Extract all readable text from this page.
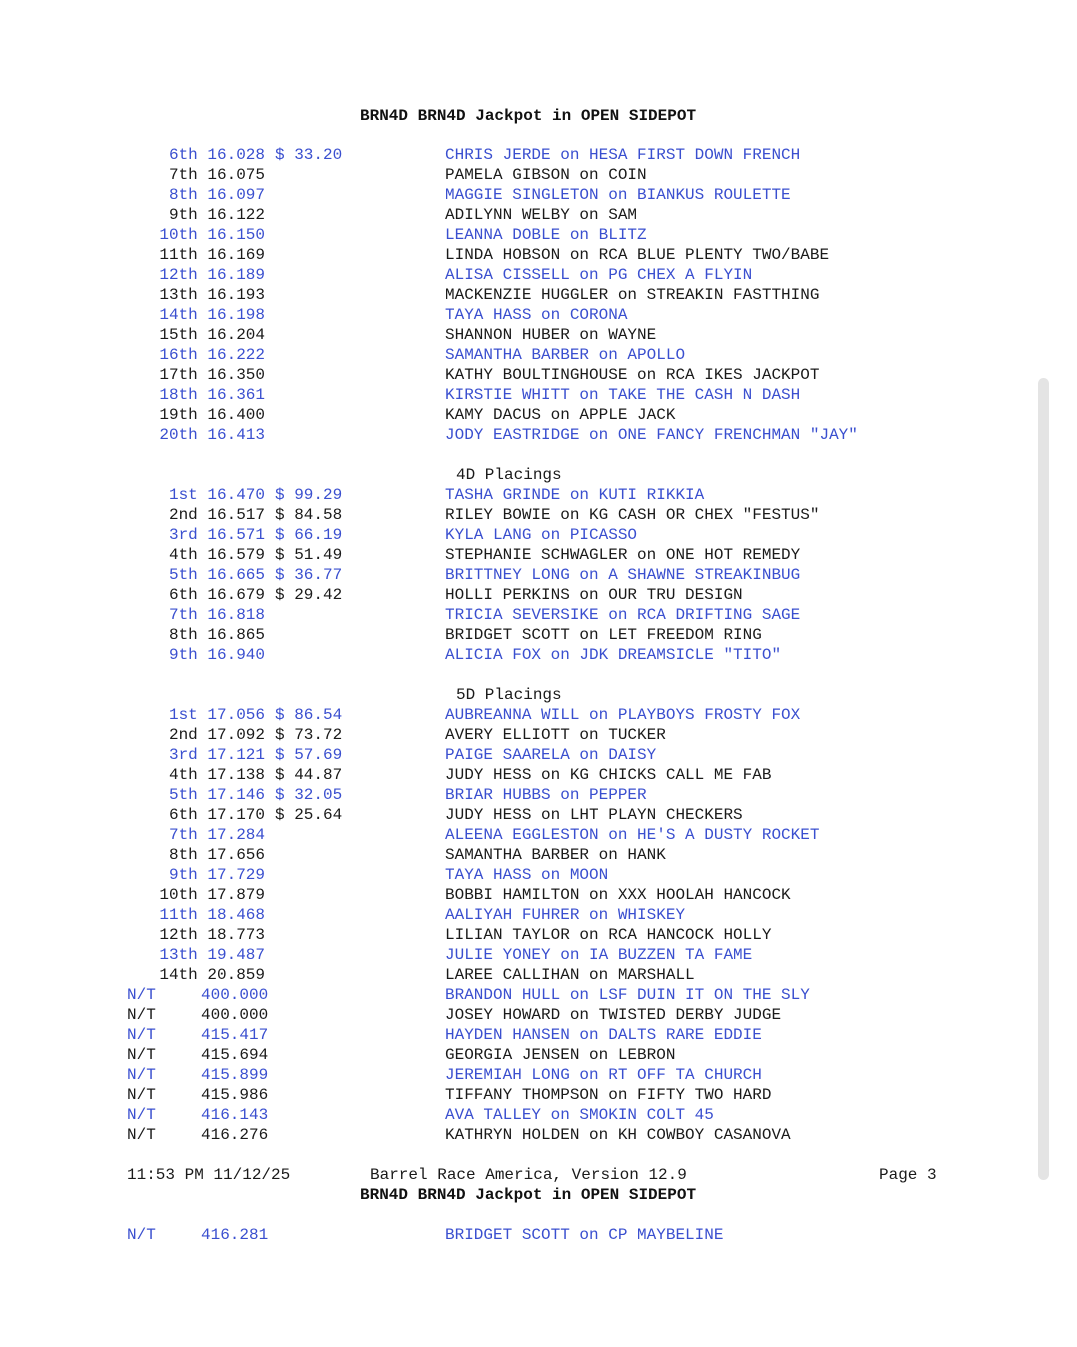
BRN4D BRN4D Jackpot in OPEN SIDEPOT
6th 16.028 $ 33.20	CHRIS JERDE on HESA FIRST DOWN FRENCH
7th 16.075	PAMELA GIBSON on COIN
8th 16.097	MAGGIE SINGLETON on BIANKUS ROULETTE
9th 16.122	ADILYNN WELBY on SAM
10th 16.150	LEANNA DOBLE on BLITZ
11th 16.169	LINDA HOBSON on RCA BLUE PLENTY TWO/BABE
12th 16.189	ALISA CISSELL on PG CHEX A FLYIN
13th 16.193	MACKENZIE HUGGLER on STREAKIN FASTTHING
14th 16.198	TAYA HASS on CORONA
15th 16.204	SHANNON HUBER on WAYNE
16th 16.222	SAMANTHA BARBER on APOLLO
17th 16.350	KATHY BOULTINGHOUSE on RCA IKES JACKPOT
18th 16.361	KIRSTIE WHITT on TAKE THE CASH N DASH
19th 16.400	KAMY DACUS on APPLE JACK
20th 16.413	JODY EASTRIDGE on ONE FANCY FRENCHMAN "JAY"
4D Placings
1st 16.470 $ 99.29	TASHA GRINDE on KUTI RIKKIA
2nd 16.517 $ 84.58	RILEY BOWIE on KG CASH OR CHEX "FESTUS"
3rd 16.571 $ 66.19	KYLA LANG on PICASSO
4th 16.579 $ 51.49	STEPHANIE SCHWAGLER on ONE HOT REMEDY
5th 16.665 $ 36.77	BRITTNEY LONG on A SHAWNE STREAKINBUG
6th 16.679 $ 29.42	HOLLI PERKINS on OUR TRU DESIGN
7th 16.818	TRICIA SEVERSIKE on RCA DRIFTING SAGE
8th 16.865	BRIDGET SCOTT on LET FREEDOM RING
9th 16.940	ALICIA FOX on JDK DREAMSICLE "TITO"
5D Placings
1st 17.056 $ 86.54	AUBREANNA WILL on PLAYBOYS FROSTY FOX
2nd 17.092 $ 73.72	AVERY ELLIOTT on TUCKER
3rd 17.121 $ 57.69	PAIGE SAARELA on DAISY
4th 17.138 $ 44.87	JUDY HESS on KG CHICKS CALL ME FAB
5th 17.146 $ 32.05	BRIAR HUBBS on PEPPER
6th 17.170 $ 25.64	JUDY HESS on LHT PLAYN CHECKERS
7th 17.284	ALEENA EGGLESTON on HE'S A DUSTY ROCKET
8th 17.656	SAMANTHA BARBER on HANK
9th 17.729	TAYA HASS on MOON
10th 17.879	BOBBI HAMILTON on XXX HOOLAH HANCOCK
11th 18.468	AALIYAH FUHRER on WHISKEY
12th 18.773	LILIAN TAYLOR on RCA HANCOCK HOLLY
13th 19.487	JULIE YONEY on IA BUZZEN TA FAME
14th 20.859	LAREE CALLIHAN on MARSHALL
N/T	400.000	BRANDON HULL on LSF DUIN IT ON THE SLY
N/T	400.000	JOSEY HOWARD on TWISTED DERBY JUDGE
N/T	415.417	HAYDEN HANSEN on DALTS RARE EDDIE
N/T	415.694	GEORGIA JENSEN on LEBRON
N/T	415.899	JEREMIAH LONG on RT OFF TA CHURCH
N/T	415.986	TIFFANY THOMPSON on FIFTY TWO HARD
N/T	416.143	AVA TALLEY on SMOKIN COLT 45
N/T	416.276	KATHRYN HOLDEN on KH COWBOY CASANOVA
11:53 PM 11/12/25	Barrel Race America, Version 12.9	Page 3
BRN4D BRN4D Jackpot in OPEN SIDEPOT
N/T	416.281	BRIDGET SCOTT on CP MAYBELINE
